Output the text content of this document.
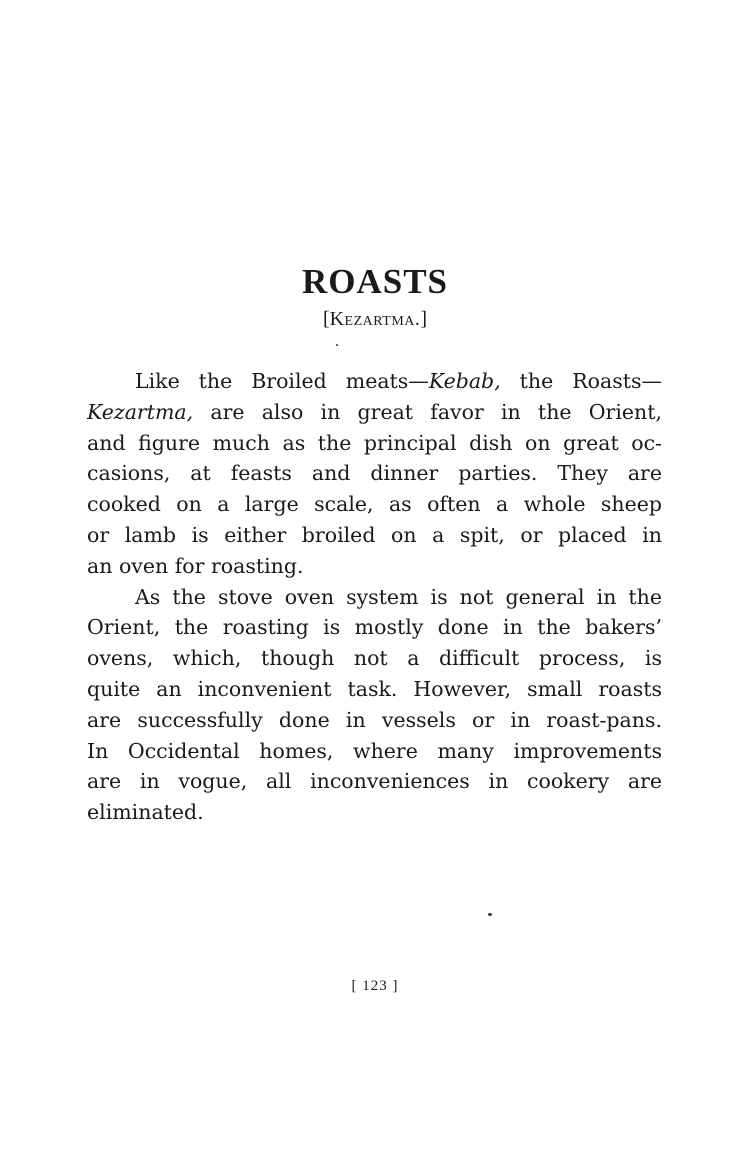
ROASTS
[Kezartma.]
Like the Broiled meats—Kebab, the Roasts—
Kezartma, are also in great favor in the Orient,
and figure much as the principal dish on great oc-
casions, at feasts and dinner parties. They are
cooked on a large scale, as often a whole sheep
or lamb is either broiled on a spit, or placed in
an oven for roasting.
As the stove oven system is not general in the
Orient, the roasting is mostly done in the bakers’
ovens, which, though not a difficult process, is
quite an inconvenient task. However, small roasts
are successfully done in vessels or in roast-pans.
In Occidental homes, where many improvements
are in vogue, all inconveniences in cookery are
eliminated.
[ 123 ]
